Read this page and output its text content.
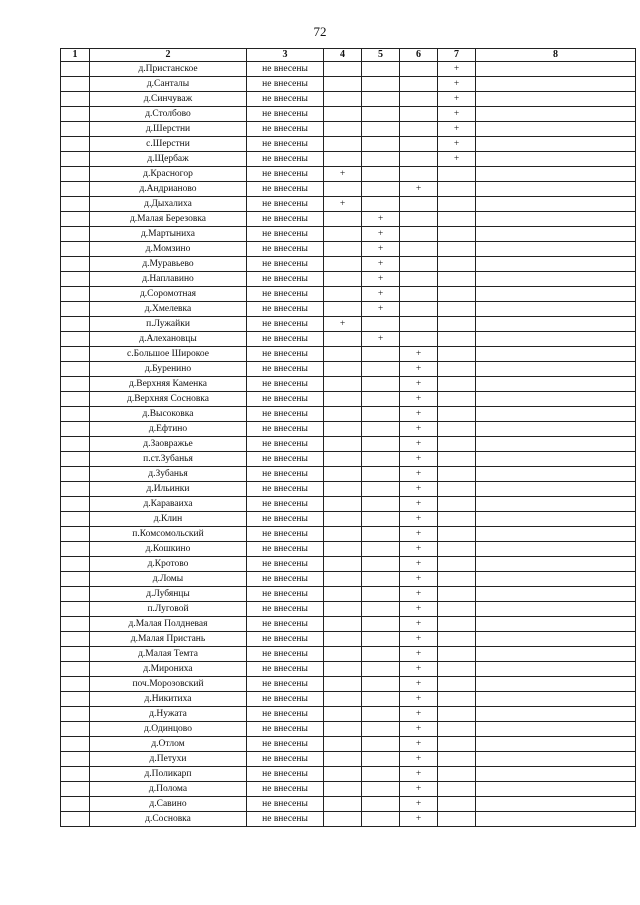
72
1	2	3	4	5	6	7	8
	д.Пристанское	не внесены				+	
	д.Сантaлы	не внесены				+	
	д.Синчуваж	не внесены				+	
	д.Столбово	не внесены				+	
	д.Шерстни	не внесены				+	
	с.Шерстни	не внесены				+	
	д.Щербаж	не внесены				+	
	д.Красногор	не внесены	+				
	д.Андрианово	не внесены			+		
	д.Дыхалиха	не внесены	+				
	д.Малая Березовка	не внесены		+			
	д.Мартыниха	не внесены		+			
	д.Момзино	не внесены		+			
	д.Муравьево	не внесены		+			
	д.Наплавино	не внесены		+			
	д.Соромотная	не внесены		+			
	д.Хмелевка	не внесены		+			
	п.Лужайки	не внесены	+				
	д.Алехановцы	не внесены		+			
	с.Большое Широкое	не внесены			+		
	д.Буренино	не внесены			+		
	д.Верхняя Каменка	не внесены			+		
	д.Верхняя Сосновка	не внесены			+		
	д.Высоковка	не внесены			+		
	д.Ефтино	не внесены			+		
	д.Заовражье	не внесены			+		
	п.ст.Зубанья	не внесены			+		
	д.Зубанья	не внесены			+		
	д.Ильинки	не внесены			+		
	д.Караваиха	не внесены			+		
	д.Клин	не внесены			+		
	п.Комсомольский	не внесены			+		
	д.Кошкино	не внесены			+		
	д.Кротово	не внесены			+		
	д.Ломы	не внесены			+		
	д.Лубянцы	не внесены			+		
	п.Луговой	не внесены			+		
	д.Малая Полдневая	не внесены			+		
	д.Малая Пристань	не внесены			+		
	д.Малая Темта	не внесены			+		
	д.Мирониха	не внесены			+		
	поч.Морозовский	не внесены			+		
	д.Никитиха	не внесены			+		
	д.Нужата	не внесены			+		
	д.Одинцово	не внесены			+		
	д.Отлом	не внесены			+		
	д.Петухи	не внесены			+		
	д.Поликарп	не внесены			+		
	д.Полома	не внесены			+		
	д.Савино	не внесены			+		
	д.Сосновка	не внесены			+		
